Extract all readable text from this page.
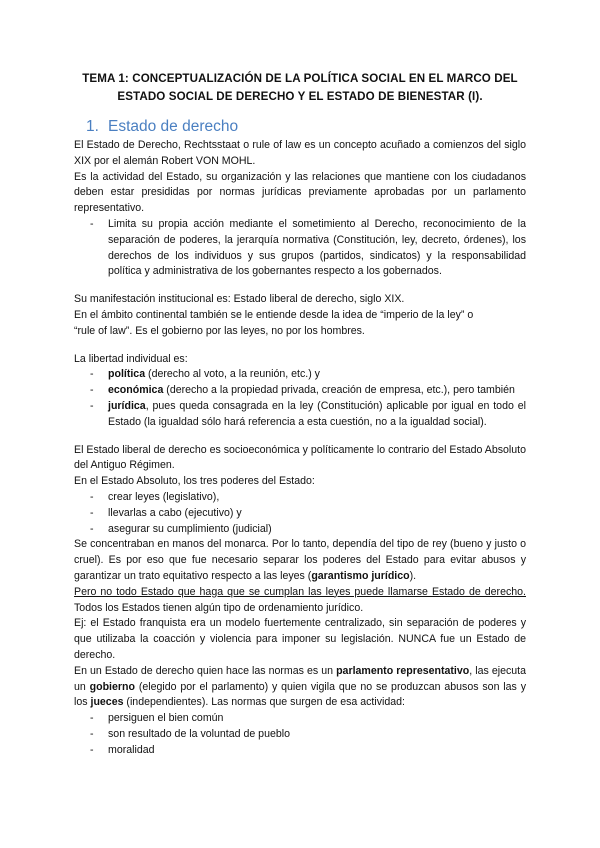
TEMA 1: CONCEPTUALIZACIÓN DE LA POLÍTICA SOCIAL EN EL MARCO DEL
ESTADO SOCIAL DE DERECHO Y EL ESTADO DE BIENESTAR (I).
1. Estado de derecho

El Estado de Derecho, Rechtsstaat o rule of law es un concepto acuñado a comienzos del siglo XIX por el alemán Robert VON MOHL.

Es la actividad del Estado, su organización y las relaciones que mantiene con los ciudadanos deben estar presididas por normas jurídicas previamente aprobadas por un parlamento representativo.

- Limita su propia acción mediante el sometimiento al Derecho, reconocimiento de la separación de poderes, la jerarquía normativa (Constitución, ley, decreto, órdenes), los derechos de los individuos y sus grupos (partidos, sindicatos) y la responsabilidad política y administrativa de los gobernantes respecto a los gobernados.

Su manifestación institucional es: Estado liberal de derecho, siglo XIX.

En el ámbito continental también se le entiende desde la idea de “imperio de la ley” o

“rule of law”. Es el gobierno por las leyes, no por los hombres.

La libertad individual es:

- política (derecho al voto, a la reunión, etc.) y
- económica (derecho a la propiedad privada, creación de empresa, etc.), pero también
- jurídica, pues queda consagrada en la ley (Constitución) aplicable por igual en todo el Estado (la igualdad sólo hará referencia a esta cuestión, no a la igualdad social).

El Estado liberal de derecho es socioeconómica y políticamente lo contrario del Estado Absoluto del Antiguo Régimen.

En el Estado Absoluto, los tres poderes del Estado:

- crear leyes (legislativo),
- llevarlas a cabo (ejecutivo) y
- asegurar su cumplimiento (judicial)

Se concentraban en manos del monarca. Por lo tanto, dependía del tipo de rey (bueno y justo o cruel). Es por eso que fue necesario separar los poderes del Estado para evitar abusos y garantizar un trato equitativo respecto a las leyes (garantismo jurídico).

Pero no todo Estado que haga que se cumplan las leyes puede llamarse Estado de derecho. Todos los Estados tienen algún tipo de ordenamiento jurídico.

Ej: el Estado franquista era un modelo fuertemente centralizado, sin separación de poderes y que utilizaba la coacción y violencia para imponer su legislación. NUNCA fue un Estado de derecho.

En un Estado de derecho quien hace las normas es un parlamento representativo, las ejecuta un gobierno (elegido por el parlamento) y quien vigila que no se produzcan abusos son las y los jueces (independientes). Las normas que surgen de esa actividad:

- persiguen el bien común
- son resultado de la voluntad de pueblo
- moralidad
